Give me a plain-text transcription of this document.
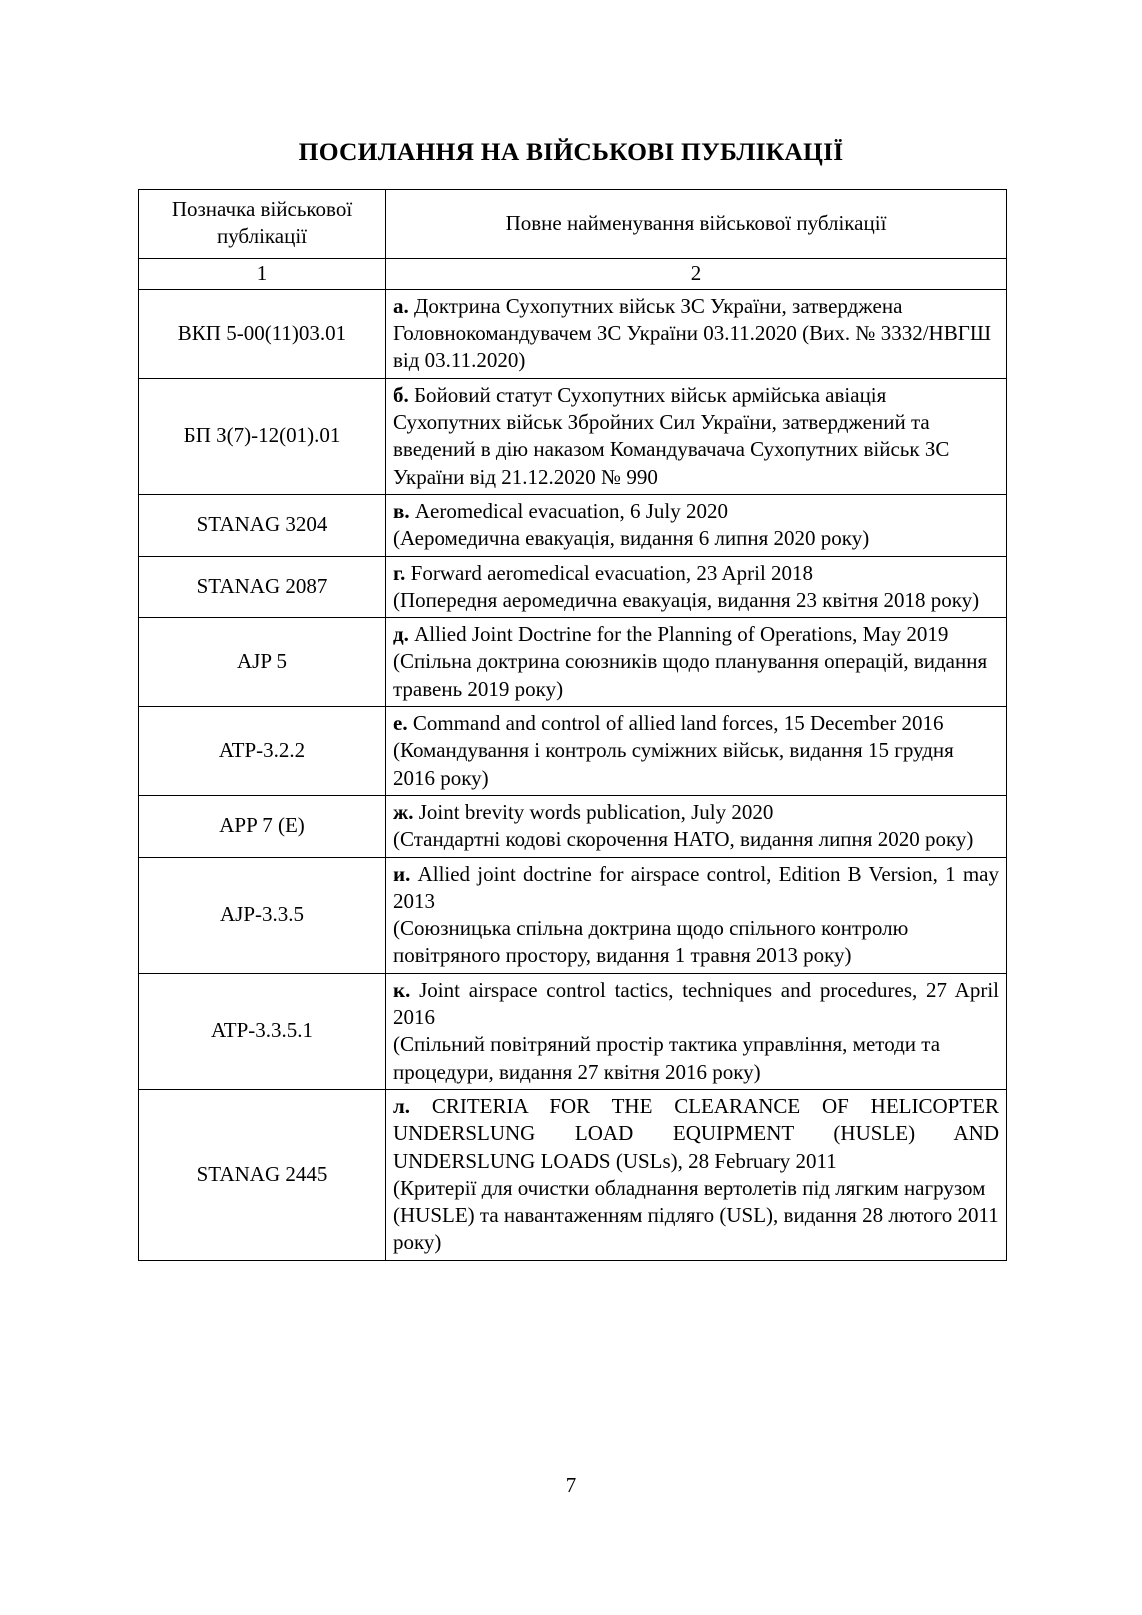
ПОСИЛАННЯ НА ВІЙСЬКОВІ ПУБЛІКАЦІЇ
Позначка військової публікації	Повне найменування військової публікації
1	2
ВКП 5-00(11)03.01	а. Доктрина Сухопутних військ ЗС України, затверджена Головнокомандувачем ЗС України 03.11.2020 (Вих. № 3332/НВГШ від 03.11.2020)

БП З(7)-12(01).01	б. Бойовий статут Сухопутних військ армійська авіація Сухопутних військ Збройних Сил України, затверджений та введений в дію наказом Командувачача Сухопутних військ ЗС України від 21.12.2020 № 990

STANAG 3204	в. Aeromedical evacuation, 6 July 2020

(Аеромедична евакуація, видання 6 липня 2020 року)

STANAG 2087	г. Forward aeromedical evacuation, 23 April 2018

(Попередня аеромедична евакуація, видання 23 квітня 2018 року)

AJP 5	д. Allied Joint Doctrine for the Planning of Operations, May 2019

(Спільна доктрина союзників щодо планування операцій, видання травень 2019 року)

ATP-3.2.2	е. Command and control of allied land forces, 15 December 2016

(Командування і контроль суміжних військ, видання 15 грудня 2016 року)

APP 7 (E)	ж. Joint brevity words publication, July 2020

(Стандартні кодові скорочення НАТО, видання липня 2020 року)

AJP-3.3.5	и. Allied joint doctrine for airspace control, Edition B Version, 1 may 2013

(Союзницька спільна доктрина щодо спільного контролю повітряного простору, видання 1 травня 2013 року)

ATP-3.3.5.1	к. Joint airspace control tactics, techniques and procedures, 27 April 2016

(Спільний повітряний простір тактика управління, методи та процедури, видання 27 квітня 2016 року)

STANAG 2445	л. CRITERIA FOR THE CLEARANCE OF HELICOPTER UNDERSLUNG LOAD EQUIPMENT (HUSLE) AND UNDERSLUNG LOADS (USLs), 28 February 2011

(Критерії для очистки обладнання вертолетів під лягким нагрузом (HUSLE) та навантаженням підляго (USL), видання 28 лютого 2011 року)

7
